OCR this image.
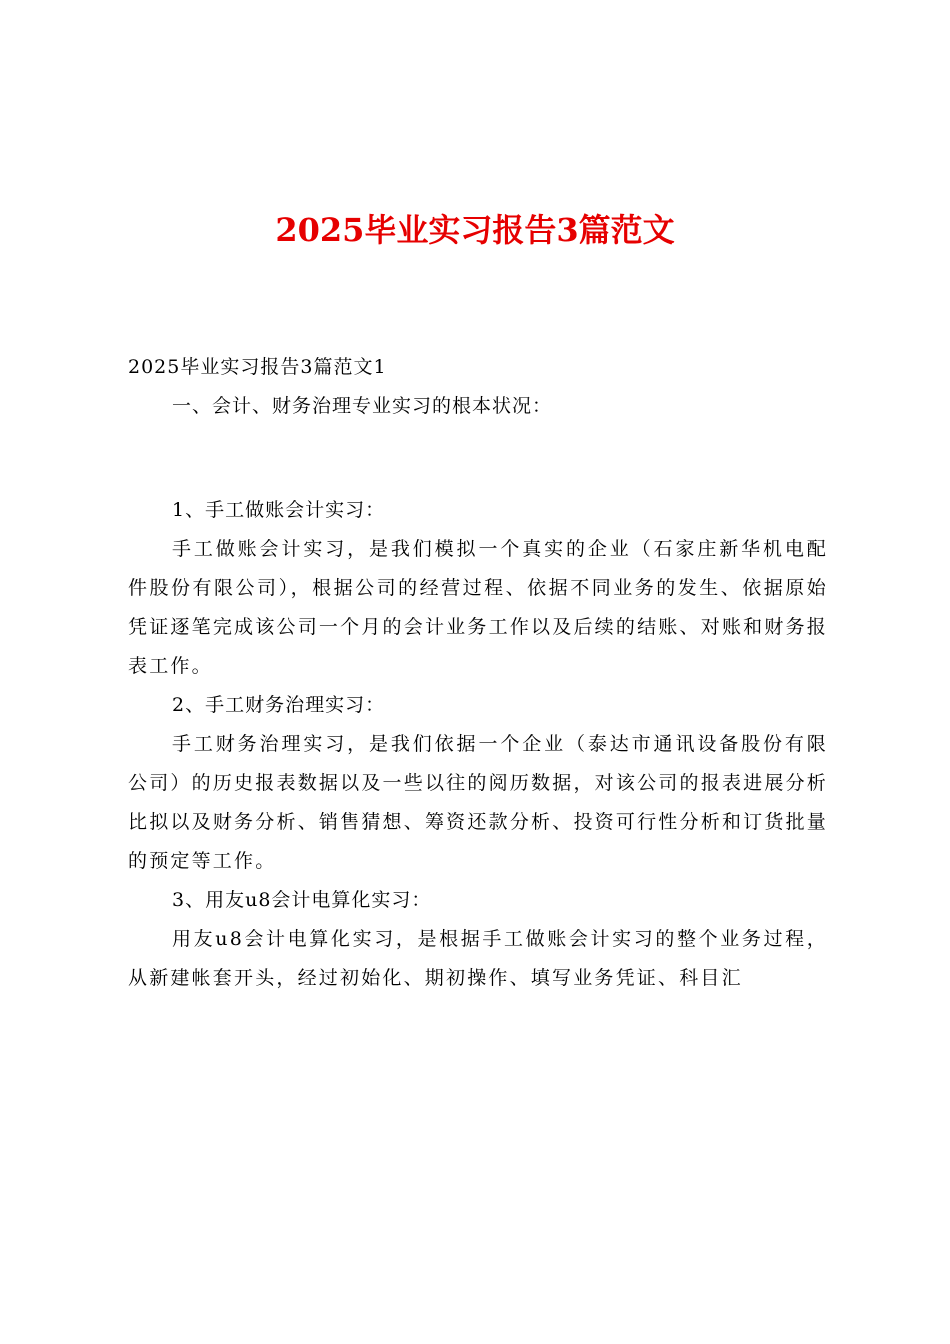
2025毕业实习报告3篇范文

2025毕业实习报告3篇范文1

一、会计、财务治理专业实习的根本状况：

1、手工做账会计实习：

手工做账会计实习，是我们模拟一个真实的企业（石家庄新华机电配件股份有限公司），根据公司的经营过程、依据不同业务的发生、依据原始凭证逐笔完成该公司一个月的会计业务工作以及后续的结账、对账和财务报表工作。

2、手工财务治理实习：

手工财务治理实习，是我们依据一个企业（泰达市通讯设备股份有限公司）的历史报表数据以及一些以往的阅历数据，对该公司的报表进展分析比拟以及财务分析、销售猜想、筹资还款分析、投资可行性分析和订货批量的预定等工作。

3、用友u8会计电算化实习：

用友u8会计电算化实习，是根据手工做账会计实习的整个业务过程，从新建帐套开头，经过初始化、期初操作、填写业务凭证、科目汇
